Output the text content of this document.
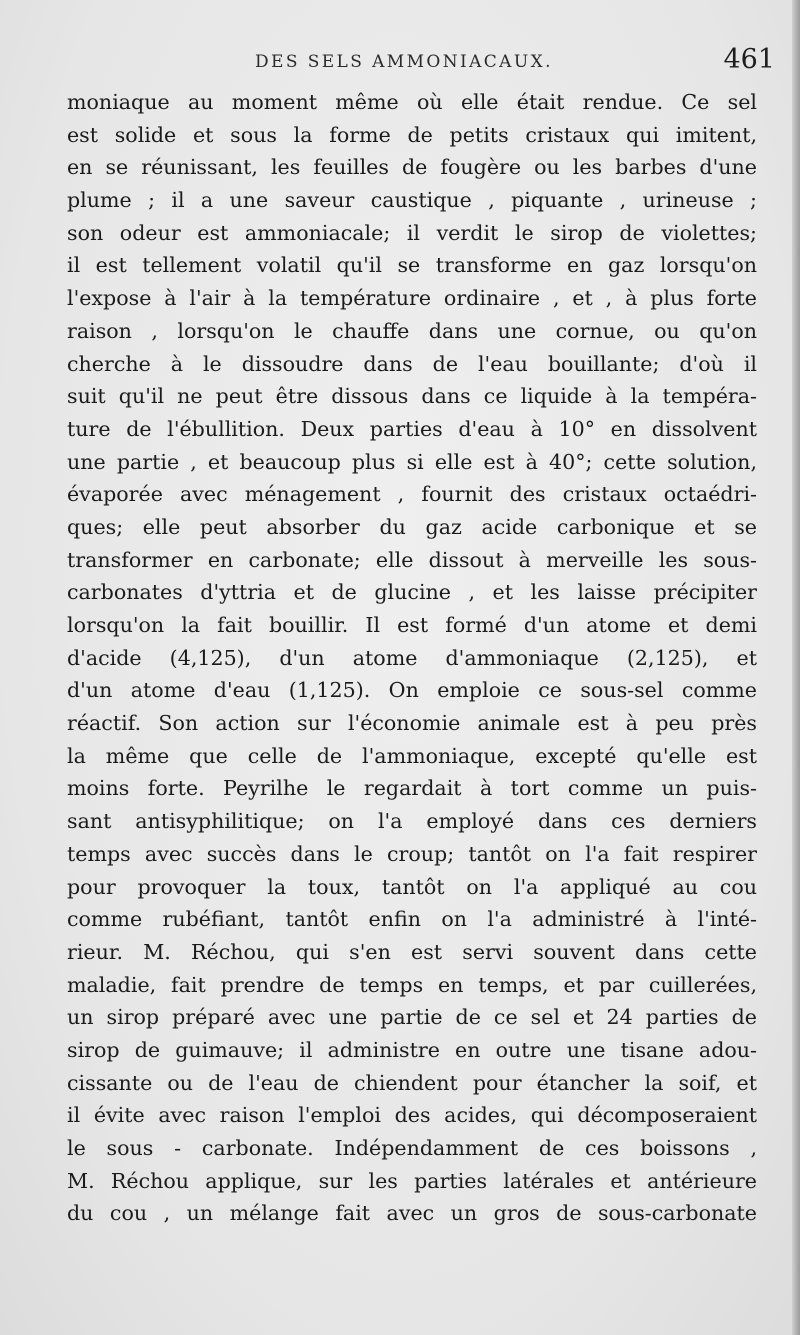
DES SELS AMMONIACAUX.	461
moniaque au moment même où elle était rendue. Ce sel
est solide et sous la forme de petits cristaux qui imitent,
en se réunissant, les feuilles de fougère ou les barbes d'une
plume ; il a une saveur caustique , piquante , urineuse ;
son odeur est ammoniacale; il verdit le sirop de violettes;
il est tellement volatil qu'il se transforme en gaz lorsqu'on
l'expose à l'air à la température ordinaire , et , à plus forte
raison , lorsqu'on le chauffe dans une cornue, ou qu'on
cherche à le dissoudre dans de l'eau bouillante; d'où il
suit qu'il ne peut être dissous dans ce liquide à la tempéra-
ture de l'ébullition. Deux parties d'eau à 10° en dissolvent
une partie , et beaucoup plus si elle est à 40°; cette solution,
évaporée avec ménagement , fournit des cristaux octaédri-
ques; elle peut absorber du gaz acide carbonique et se
transformer en carbonate; elle dissout à merveille les sous-
carbonates d'yttria et de glucine , et les laisse précipiter
lorsqu'on la fait bouillir. Il est formé d'un atome et demi
d'acide (4,125), d'un atome d'ammoniaque (2,125), et
d'un atome d'eau (1,125). On emploie ce sous-sel comme
réactif. Son action sur l'économie animale est à peu près
la même que celle de l'ammoniaque, excepté qu'elle est
moins forte. Peyrilhe le regardait à tort comme un puis-
sant antisyphilitique; on l'a employé dans ces derniers
temps avec succès dans le croup; tantôt on l'a fait respirer
pour provoquer la toux, tantôt on l'a appliqué au cou
comme rubéfiant, tantôt enfin on l'a administré à l'inté-
rieur. M. Réchou, qui s'en est servi souvent dans cette
maladie, fait prendre de temps en temps, et par cuillerées,
un sirop préparé avec une partie de ce sel et 24 parties de
sirop de guimauve; il administre en outre une tisane adou-
cissante ou de l'eau de chiendent pour étancher la soif, et
il évite avec raison l'emploi des acides, qui décomposeraient
le sous - carbonate. Indépendamment de ces boissons ,
M. Réchou applique, sur les parties latérales et antérieure
du cou , un mélange fait avec un gros de sous-carbonate
